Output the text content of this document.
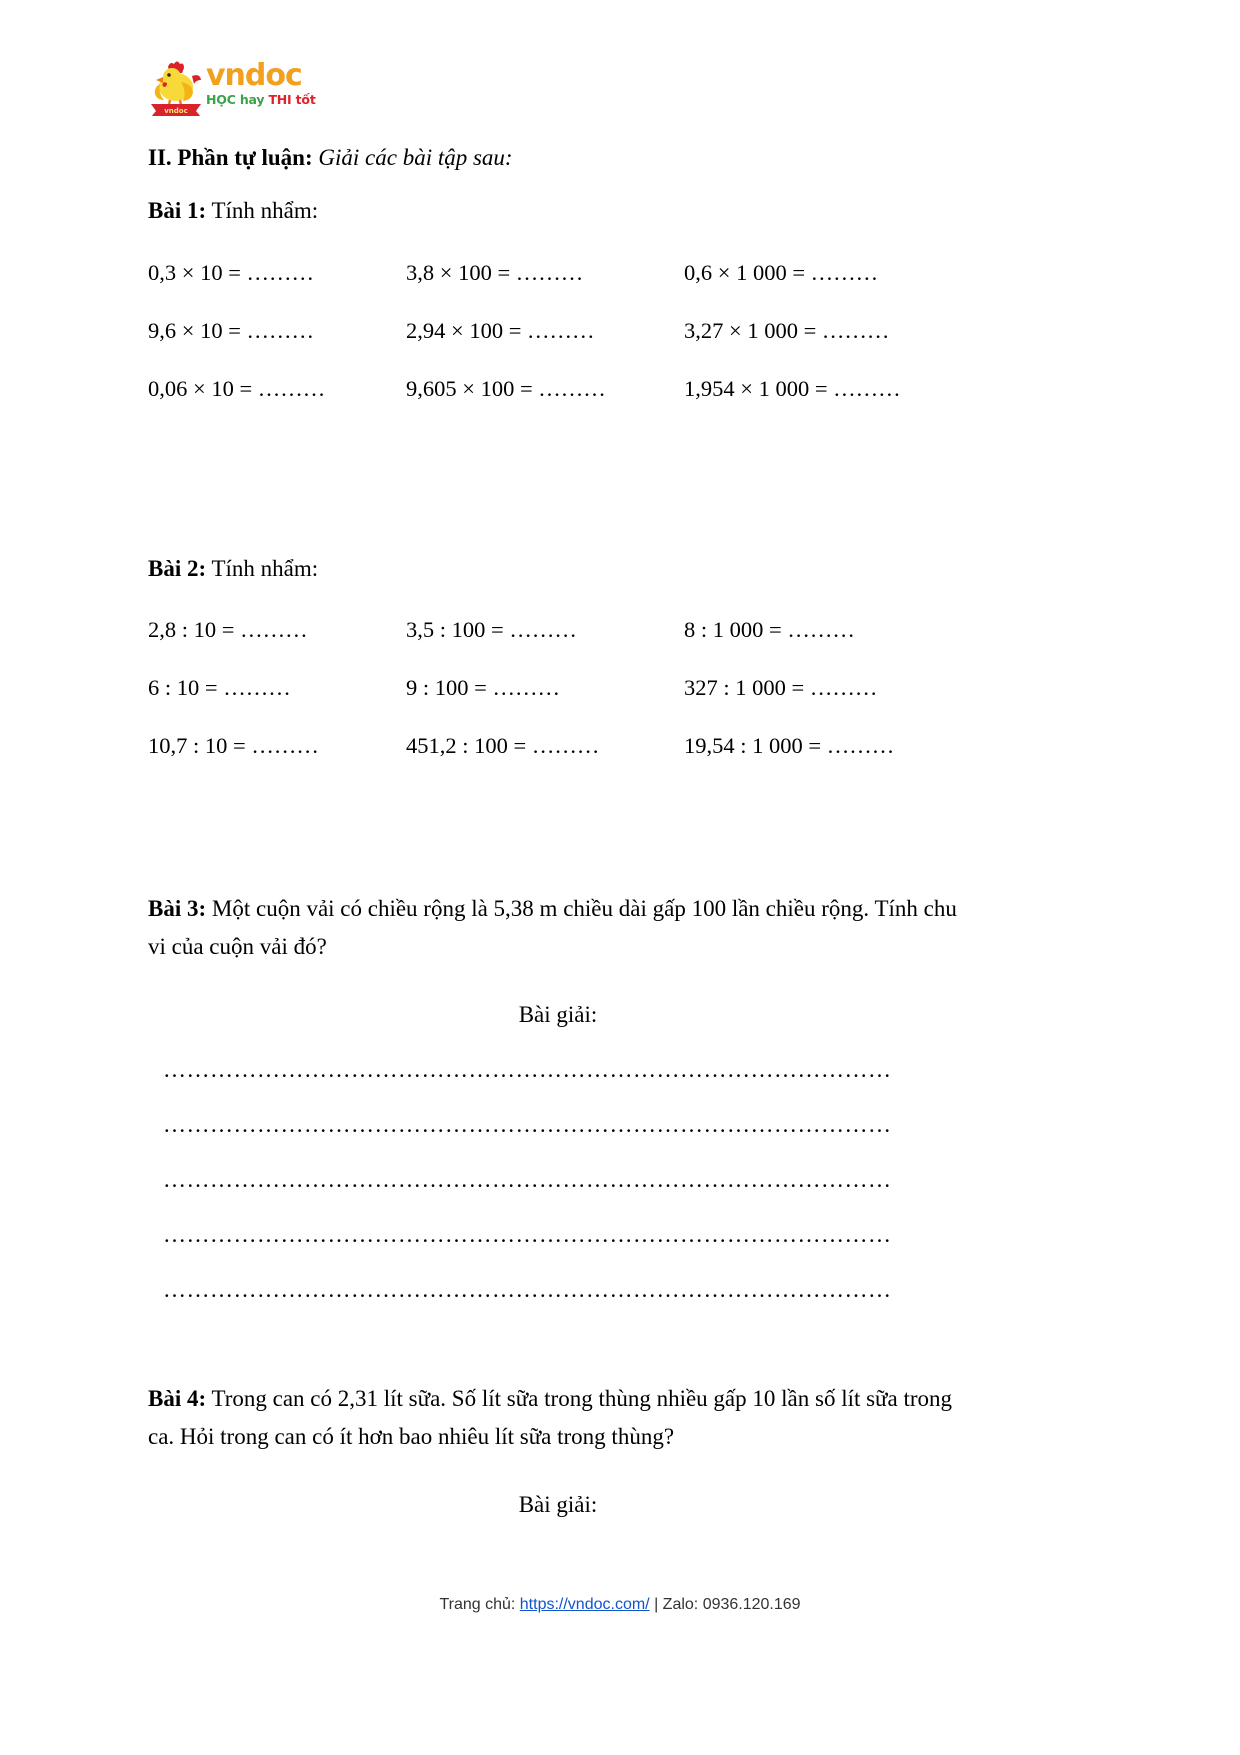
vndoc
vndoc
HỌC hay THI tốt
II. Phần tự luận: Giải các bài tập sau:
Bài 1: Tính nhẩm:
0,3 × 10 = ………	3,8 × 100 = ………	0,6 × 1 000 = ………
9,6 × 10 = ………	2,94 × 100 = ………	3,27 × 1 000 = ………
0,06 × 10 = ………	9,605 × 100 = ………	1,954 × 1 000 = ………
Bài 2: Tính nhẩm:
2,8 : 10 = ………	3,5 : 100 = ………	8 : 1 000 = ………
6 : 10 = ………	9 : 100 = ………	327 : 1 000 = ………
10,7 : 10 = ………	451,2 : 100 = ………	19,54 : 1 000 = ………
Bài 3: Một cuộn vải có chiều rộng là 5,38 m chiều dài gấp 100 lần chiều rộng. Tính chu vi của cuộn vải đó?
Bài giải:
…………………………………………………………………………………
…………………………………………………………………………………
…………………………………………………………………………………
…………………………………………………………………………………
…………………………………………………………………………………
Bài 4: Trong can có 2,31 lít sữa. Số lít sữa trong thùng nhiều gấp 10 lần số lít sữa trong ca. Hỏi trong can có ít hơn bao nhiêu lít sữa trong thùng?
Bài giải:
Trang chủ: https://vndoc.com/ | Zalo: 0936.120.169
